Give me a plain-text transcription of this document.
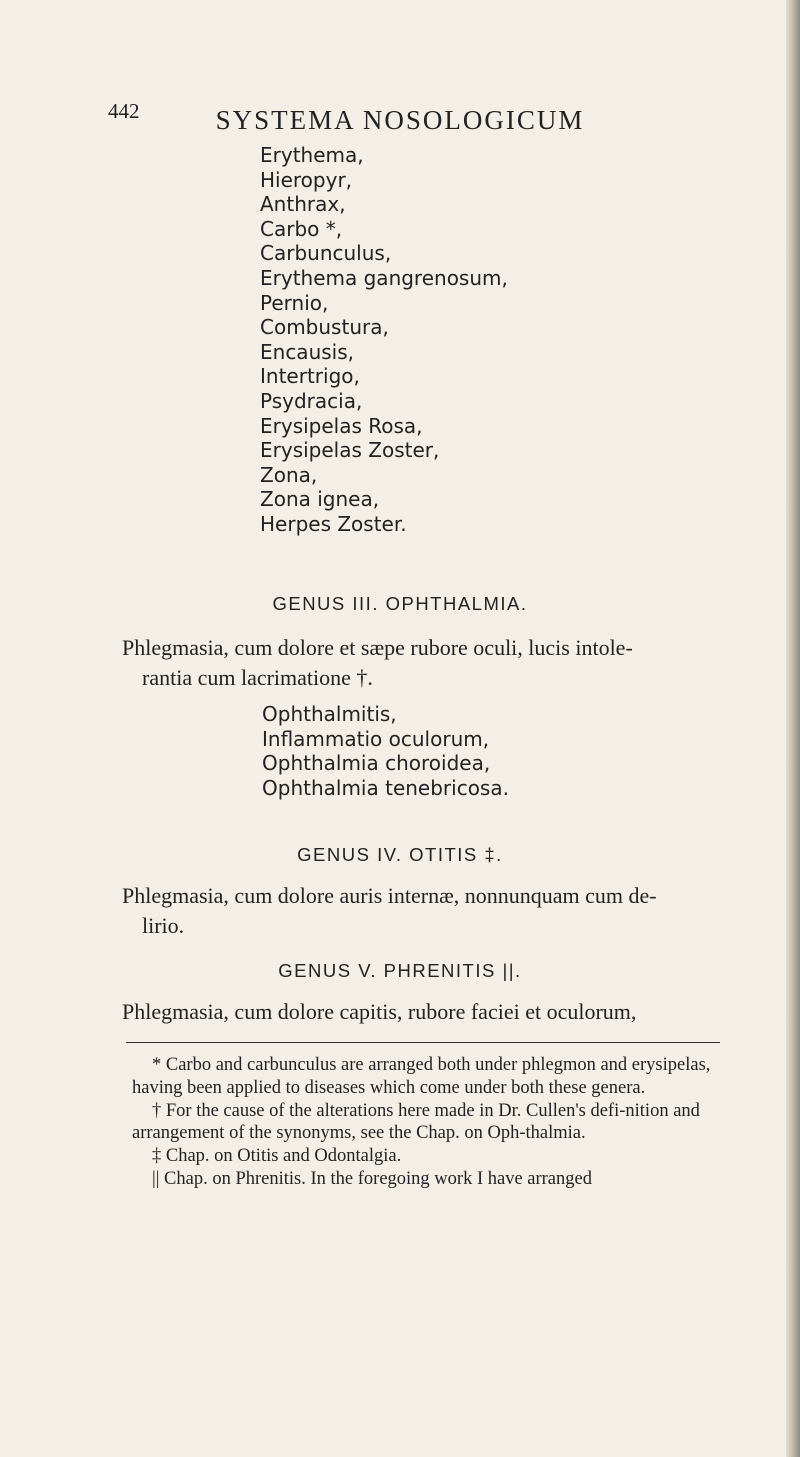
442	SYSTEMA NOSOLOGICUM
Erythema,
Hieropyr,
Anthrax,
Carbo *,
Carbunculus,
Erythema gangrenosum,
Pernio,
Combustura,
Encausis,
Intertrigo,
Psydracia,
Erysipelas Rosa,
Erysipelas Zoster,
Zona,
Zona ignea,
Herpes Zoster.
GENUS III. OPHTHALMIA.

Phlegmasia, cum dolore et sæpe rubore oculi, lucis intole-
rantia cum lacrimatione †.

Ophthalmitis,
Inflammatio oculorum,
Ophthalmia choroidea,
Ophthalmia tenebricosa.
GENUS IV. OTITIS ‡.

Phlegmasia, cum dolore auris internæ, nonnunquam cum de-
lirio.

GENUS V. PHRENITIS ||.

Phlegmasia, cum dolore capitis, rubore faciei et oculorum,

* Carbo and carbunculus are arranged both under phlegmon and erysipelas, having been applied to diseases which come under both these genera.

† For the cause of the alterations here made in Dr. Cullen's defi-nition and arrangement of the synonyms, see the Chap. on Oph-thalmia.

‡ Chap. on Otitis and Odontalgia.

|| Chap. on Phrenitis. In the foregoing work I have arranged
